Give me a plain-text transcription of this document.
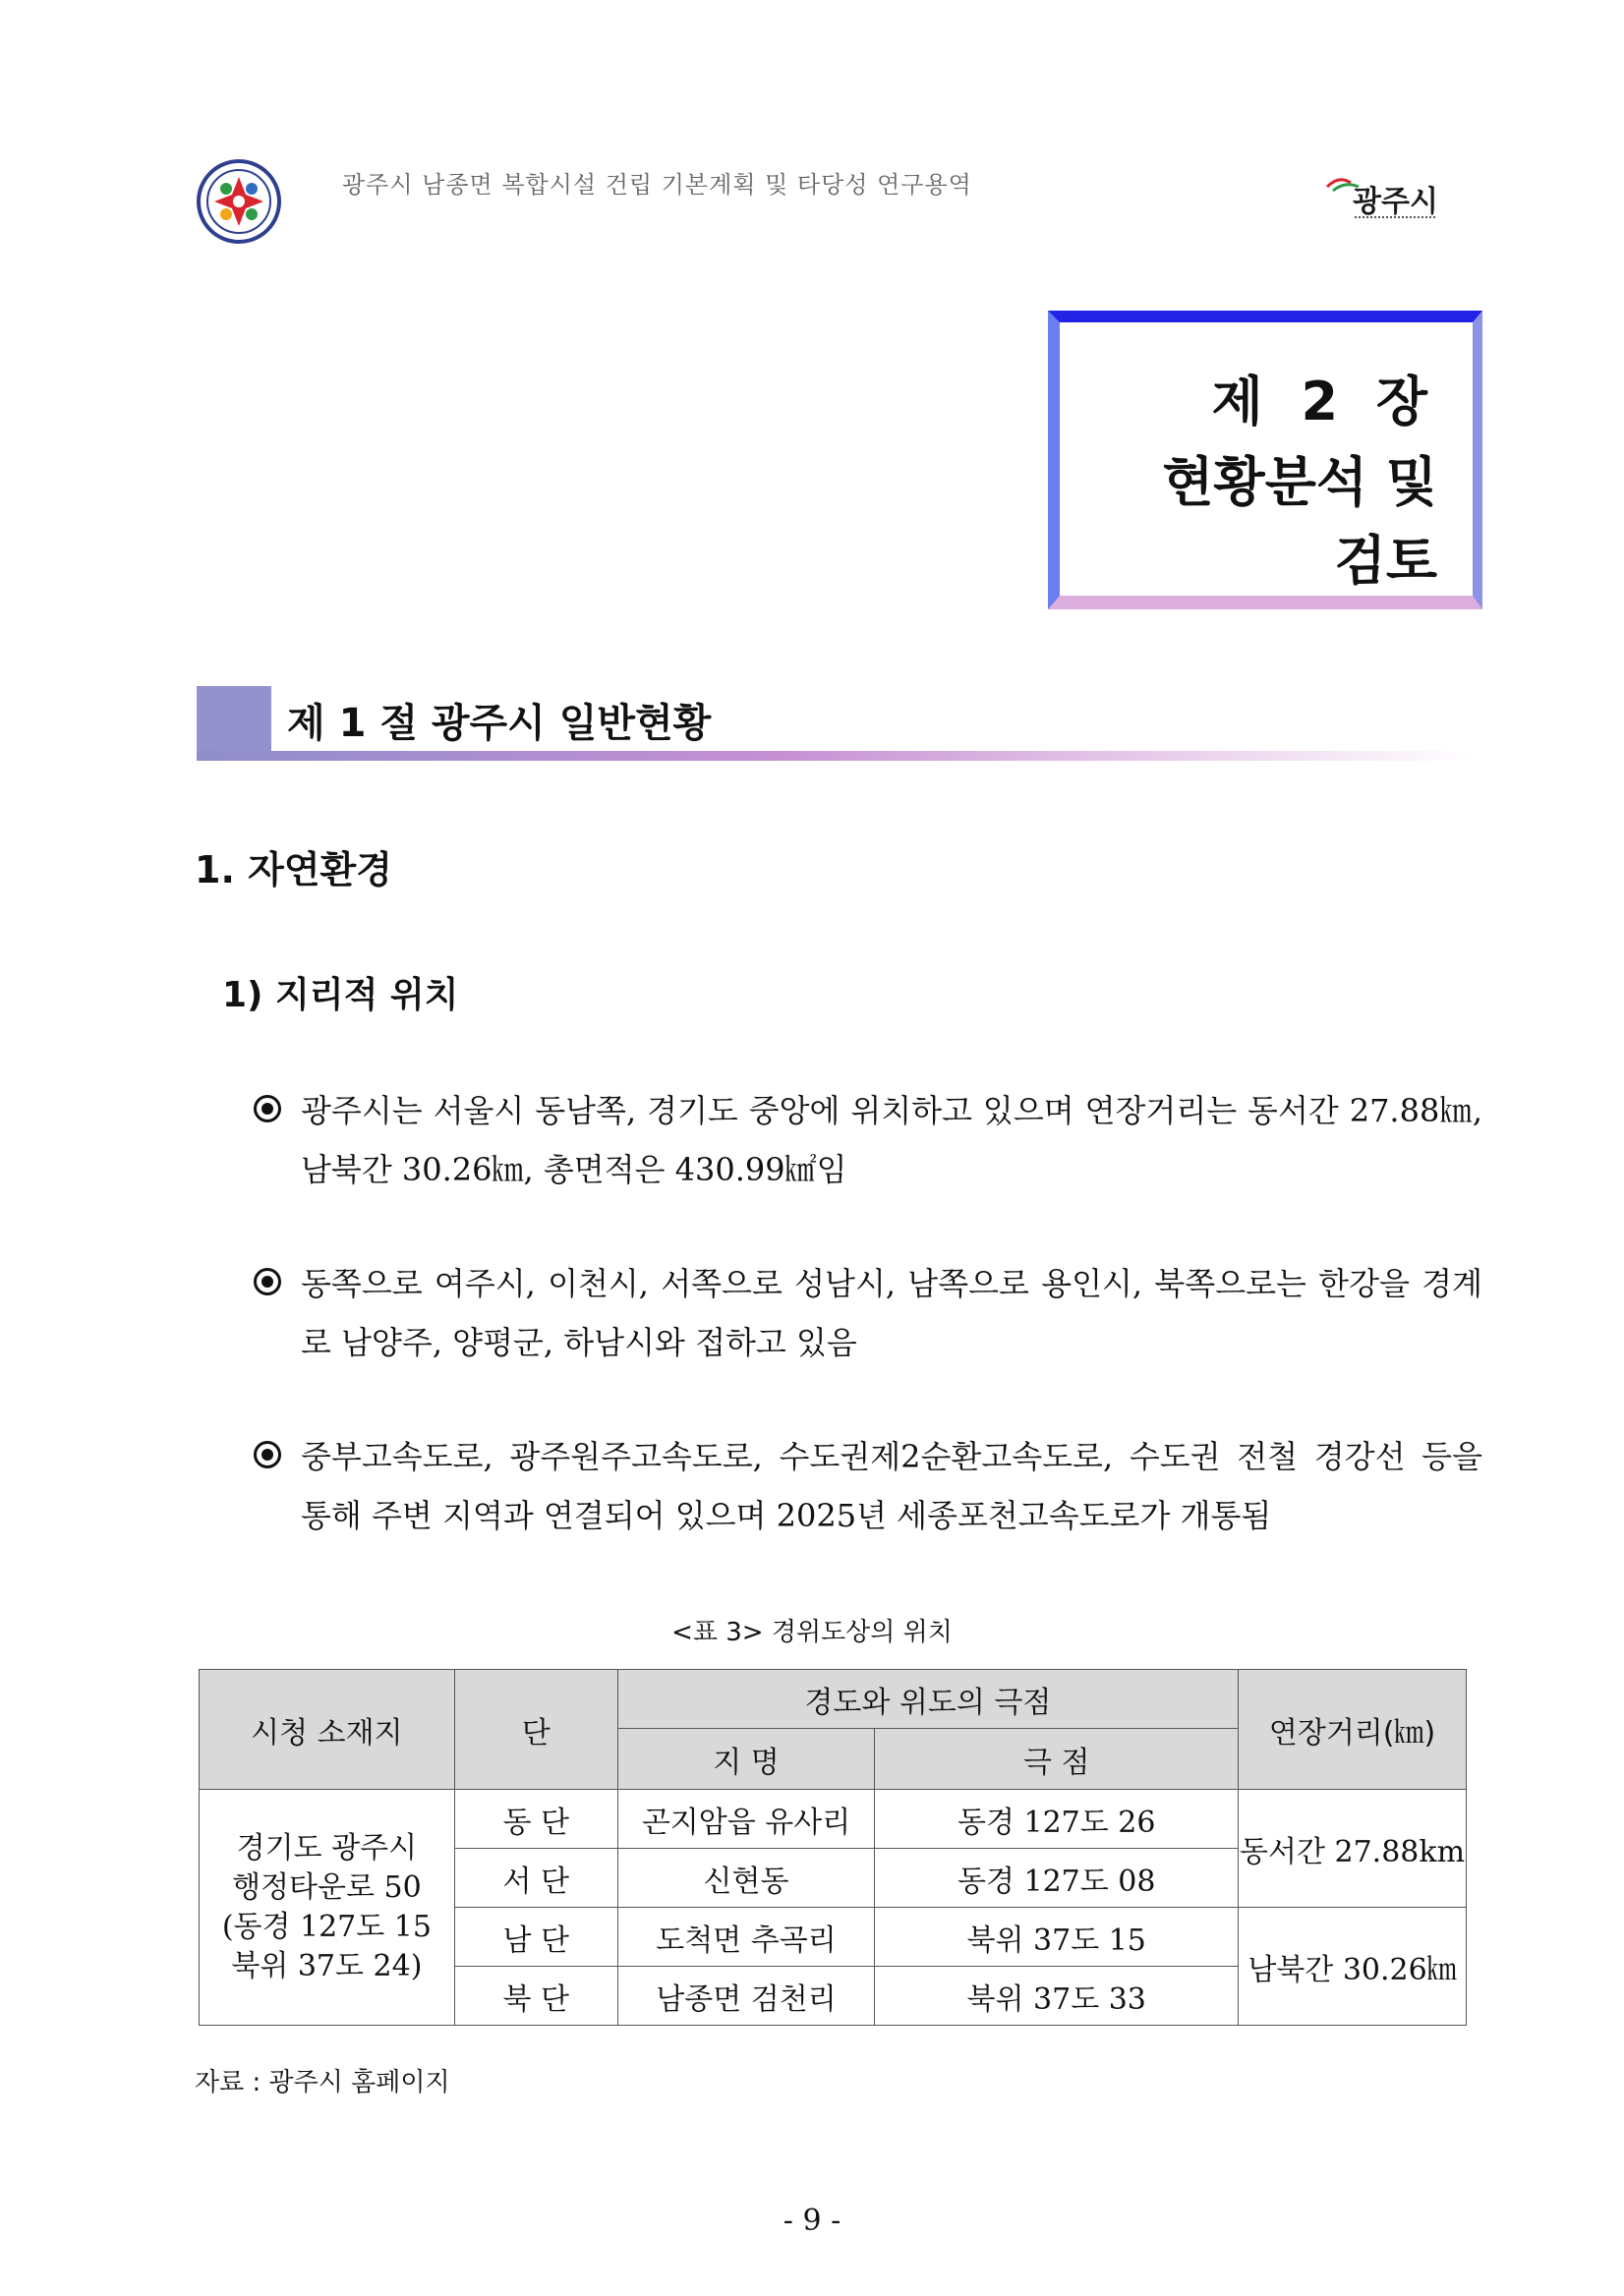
광주시 남종면 복합시설 건립 기본계획 및 타당성 연구용역	광주시
제 2 장
현황분석 및
검토
제 1 절 광주시 일반현황
1. 자연환경
1) 지리적 위치
광주시는 서울시 동남쪽, 경기도 중앙에 위치하고 있으며 연장거리는 동서간 27.88㎞, 남북간 30.26㎞, 총면적은 430.99㎢임
동쪽으로 여주시, 이천시, 서쪽으로 성남시, 남쪽으로 용인시, 북쪽으로는 한강을 경계로 남양주, 양평군, 하남시와 접하고 있음
중부고속도로, 광주원주고속도로, 수도권제2순환고속도로, 수도권 전철 경강선 등을 통해 주변 지역과 연결되어 있으며 2025년 세종포천고속도로가 개통됨
<표 3> 경위도상의 위치
시청 소재지	단	경도와 위도의 극점		연장거리(㎞)
		지 명	극 점	

경기도 광주시
행정타운로 50
(동경 127도 15
북위 37도 24)	동 단	곤지암읍 유사리	동경 127도 26	동서간 27.88km
	서 단	신현동	동경 127도 08	
	남 단	도척면 추곡리	북위 37도 15	남북간 30.26㎞
	북 단	남종면 검천리	북위 37도 33	
자료 : 광주시 홈페이지
- 9 -
